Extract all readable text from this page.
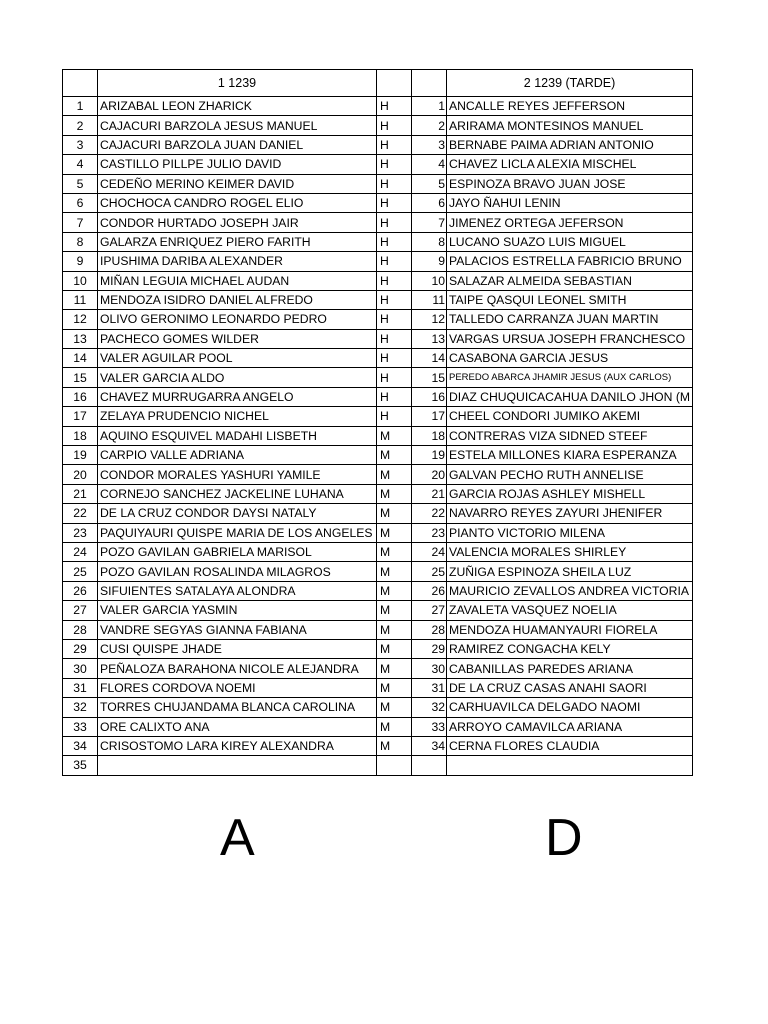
	1 1239			2 1239 (TARDE)
1	ARIZABAL LEON ZHARICK	H	1	ANCALLE REYES JEFFERSON
2	CAJACURI BARZOLA JESUS MANUEL	H	2	ARIRAMA MONTESINOS MANUEL
3	CAJACURI BARZOLA JUAN DANIEL	H	3	BERNABE PAIMA ADRIAN ANTONIO
4	CASTILLO PILLPE JULIO DAVID	H	4	CHAVEZ LICLA ALEXIA MISCHEL
5	CEDEÑO MERINO KEIMER DAVID	H	5	ESPINOZA BRAVO JUAN JOSE
6	CHOCHOCA CANDRO ROGEL ELIO	H	6	JAYO ÑAHUI LENIN
7	CONDOR HURTADO JOSEPH JAIR	H	7	JIMENEZ ORTEGA JEFERSON
8	GALARZA ENRIQUEZ PIERO FARITH	H	8	LUCANO SUAZO LUIS MIGUEL
9	IPUSHIMA DARIBA ALEXANDER	H	9	PALACIOS ESTRELLA FABRICIO BRUNO
10	MIÑAN LEGUIA MICHAEL AUDAN	H	10	SALAZAR ALMEIDA SEBASTIAN
11	MENDOZA ISIDRO DANIEL ALFREDO	H	11	TAIPE QASQUI LEONEL SMITH
12	OLIVO GERONIMO LEONARDO PEDRO	H	12	TALLEDO CARRANZA JUAN MARTIN
13	PACHECO GOMES WILDER	H	13	VARGAS URSUA JOSEPH FRANCHESCO
14	VALER AGUILAR POOL	H	14	CASABONA GARCIA JESUS
15	VALER GARCIA ALDO	H	15	PEREDO ABARCA JHAMIR JESUS (AUX CARLOS)
16	CHAVEZ MURRUGARRA ANGELO	H	16	DIAZ CHUQUICACAHUA DANILO JHON (M
17	ZELAYA PRUDENCIO NICHEL	H	17	CHEEL CONDORI JUMIKO AKEMI
18	AQUINO ESQUIVEL MADAHI LISBETH	M	18	CONTRERAS VIZA SIDNED STEEF
19	CARPIO VALLE ADRIANA	M	19	ESTELA MILLONES KIARA ESPERANZA
20	CONDOR MORALES YASHURI YAMILE	M	20	GALVAN PECHO RUTH ANNELISE
21	CORNEJO SANCHEZ JACKELINE LUHANA	M	21	GARCIA ROJAS ASHLEY MISHELL
22	DE LA CRUZ CONDOR DAYSI NATALY	M	22	NAVARRO REYES ZAYURI JHENIFER
23	PAQUIYAURI QUISPE MARIA DE LOS ANGELES	M	23	PIANTO VICTORIO MILENA
24	POZO GAVILAN GABRIELA MARISOL	M	24	VALENCIA MORALES SHIRLEY
25	POZO GAVILAN ROSALINDA MILAGROS	M	25	ZUÑIGA ESPINOZA SHEILA LUZ
26	SIFUIENTES SATALAYA ALONDRA	M	26	MAURICIO ZEVALLOS ANDREA VICTORIA
27	VALER GARCIA YASMIN	M	27	ZAVALETA VASQUEZ NOELIA
28	VANDRE SEGYAS GIANNA FABIANA	M	28	MENDOZA HUAMANYAURI FIORELA
29	CUSI QUISPE JHADE	M	29	RAMIREZ CONGACHA KELY
30	PEÑALOZA BARAHONA NICOLE ALEJANDRA	M	30	CABANILLAS PAREDES ARIANA
31	FLORES CORDOVA NOEMI	M	31	DE LA CRUZ CASAS ANAHI SAORI
32	TORRES CHUJANDAMA BLANCA CAROLINA	M	32	CARHUAVILCA DELGADO NAOMI
33	ORE CALIXTO ANA	M	33	ARROYO CAMAVILCA ARIANA
34	CRISOSTOMO LARA KIREY ALEXANDRA	M	34	CERNA FLORES CLAUDIA
35				
A	D
